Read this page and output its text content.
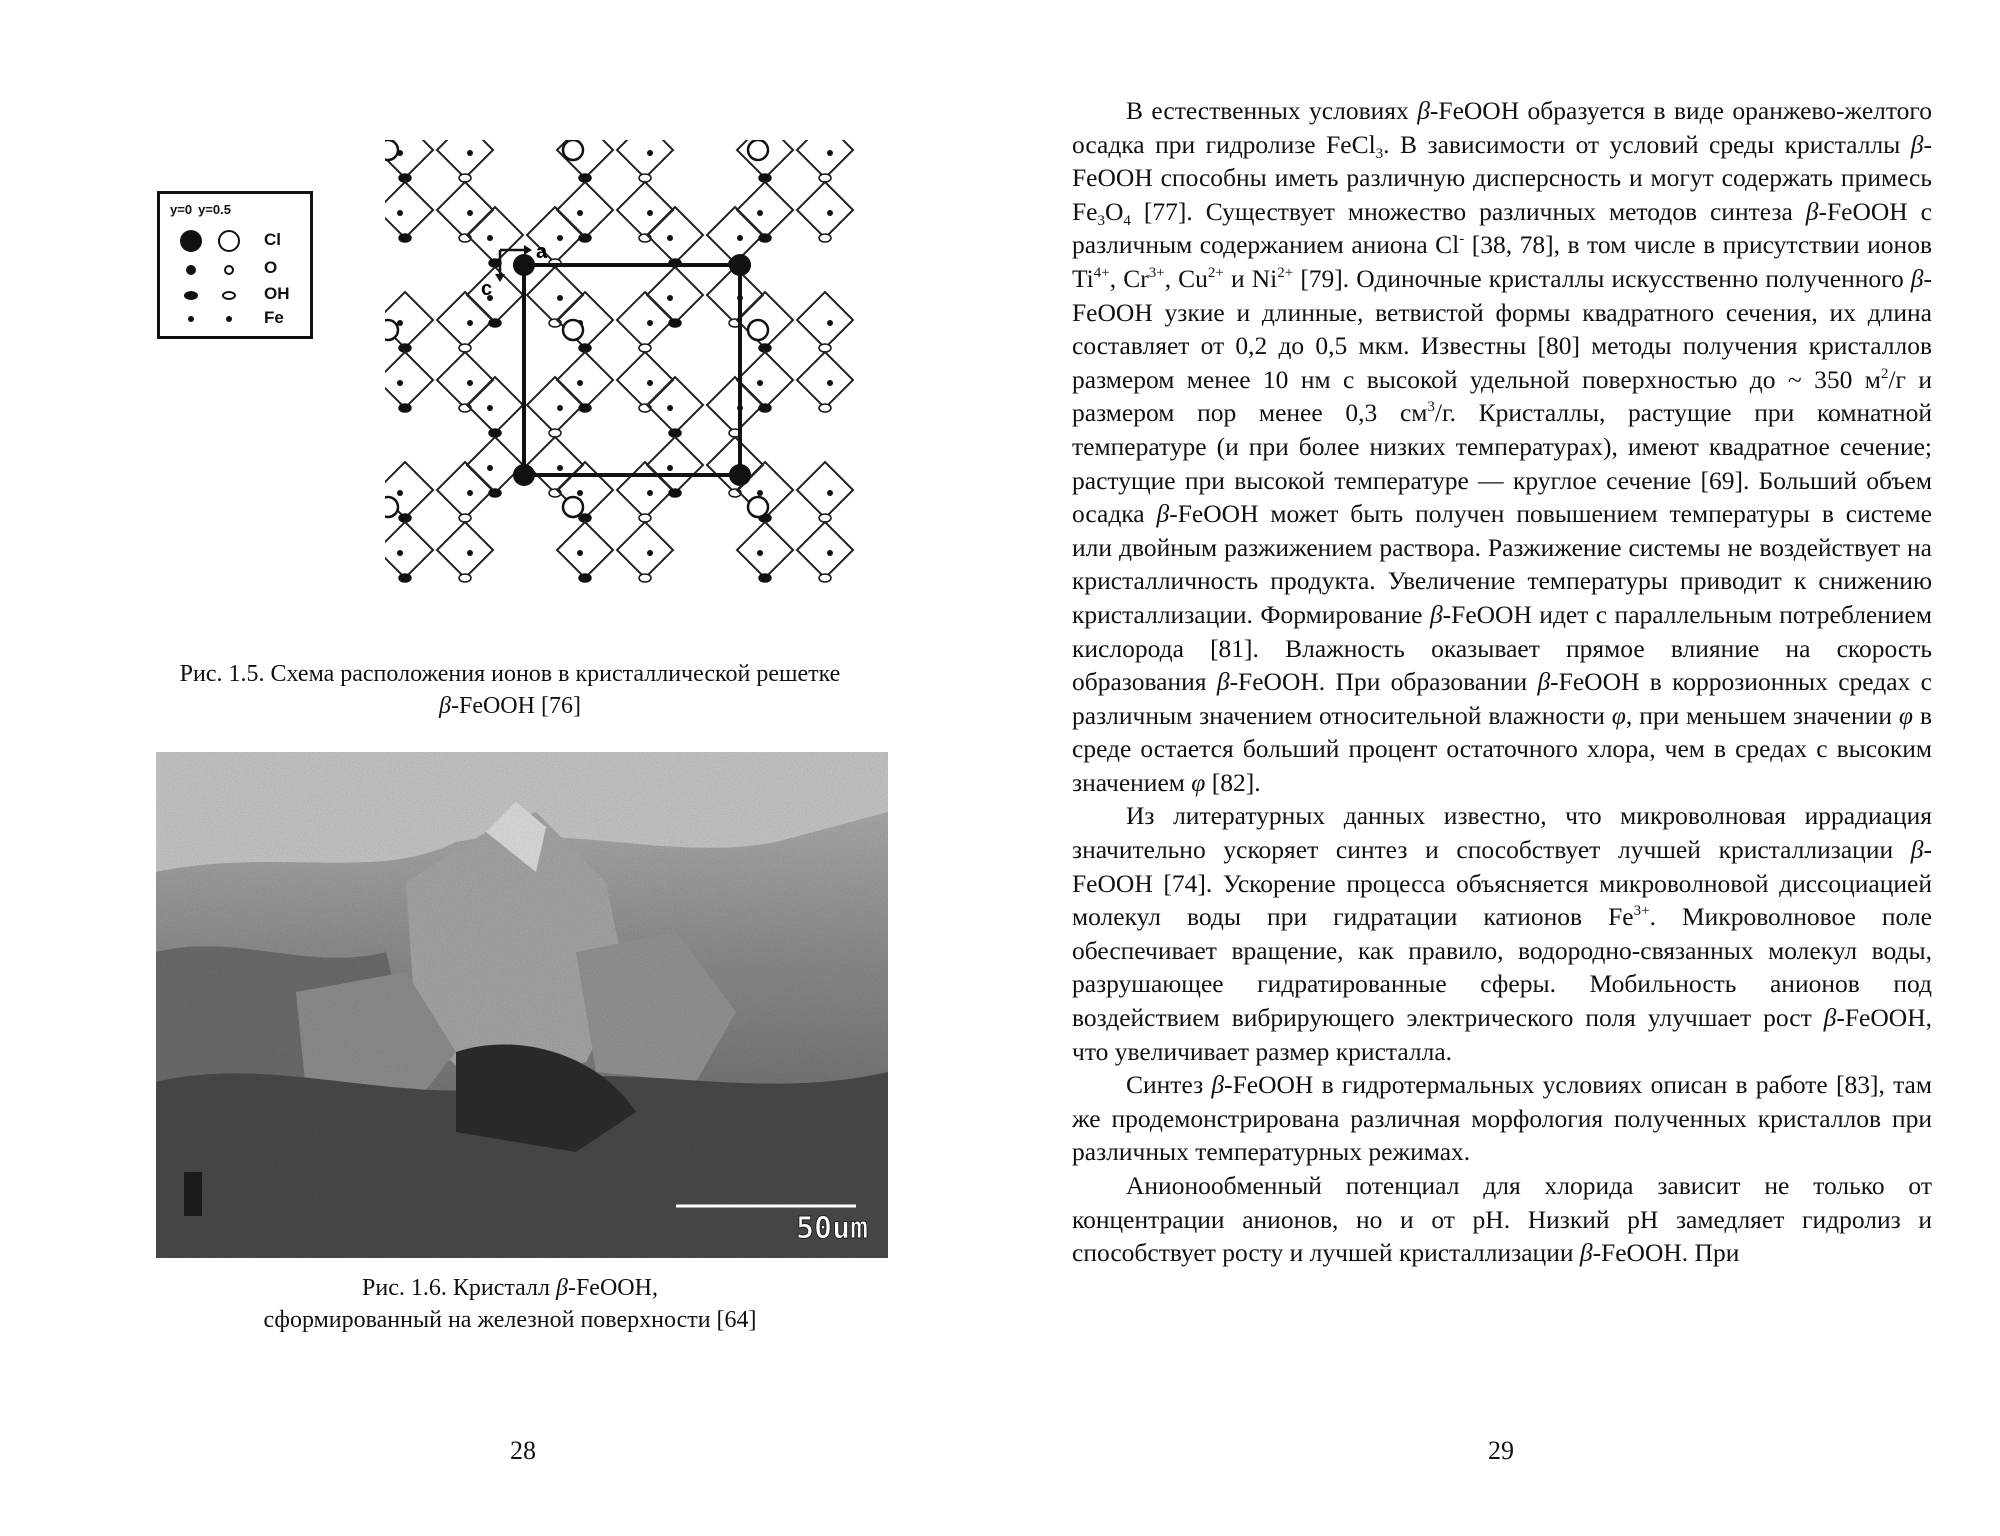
y=0 y=0.5
Cl
O
OH
Fe
a
c
Рис. 1.5. Схема расположения ионов в кристаллической решетке
β-FeOOH [76]
50um
Рис. 1.6. Кристалл β-FeOOH,
сформированный на железной поверхности [64]
28

В естественных условиях β-FeOOH образуется в виде оранжево-желтого осадка при гидролизе FeCl$_3$. В зависимости от условий среды кристаллы β-FeOOH способны иметь различную дисперсность и могут содержать примесь $Fe_3O_4$ [77]. Существует множество различных методов синтеза β-FeOOH с различным содержанием аниона Cl- [38, 78], в том числе в присутствии ионов $Ti^{4+}$, $Cr^{3+}$, $Cu^{2+}$ и $Ni^{2+}$ [79]. Одиночные кристаллы искусственно полученного β-FeOOH узкие и длинные, ветвистой формы квадратного сечения, их длина составляет от 0,2 до 0,5 мкм. Известны [80] методы получения кристаллов размером менее 10 нм с высокой удельной поверхностью до ~ 350 $м^2/г$ и размером пор менее 0,3 $см^3/г$. Кристаллы, растущие при комнатной температуре (и при более низких температурах), имеют квадратное сечение; растущие при высокой температуре — круглое сечение [69]. Больший объем осадка β-FeOOH может быть получен повышением температуры в системе или двойным разжижением раствора. Разжижение системы не воздействует на кристалличность продукта. Увеличение температуры приводит к снижению кристаллизации. Формирование β-FeOOH идет с параллельным потреблением кислорода [81]. Влажность оказывает прямое влияние на скорость образования β-FeOOH. При образовании β-FeOOH в коррозионных средах с различным значением относительной влажности φ, при меньшем значении φ в среде остается больший процент остаточного хлора, чем в средах с высоким значением φ [82].

Из литературных данных известно, что микроволновая иррадиация значительно ускоряет синтез и способствует лучшей кристаллизации β-FeOOH [74]. Ускорение процесса объясняется микроволновой диссоциацией молекул воды при гидратации катионов $Fe^{3+}$. Микроволновое поле обеспечивает вращение, как правило, водородно-связанных молекул воды, разрушающее гидратированные сферы. Мобильность анионов под воздействием вибрирующего электрического поля улучшает рост β-FeOOH, что увеличивает размер кристалла.

Синтез β-FeOOH в гидротермальных условиях описан в работе [83], там же продемонстрирована различная морфология полученных кристаллов при различных температурных режимах.

Анионообменный потенциал для хлорида зависит не только от концентрации анионов, но и от pH. Низкий pH замедляет гидролиз и способствует росту и лучшей кристаллизации β-FeOOH. При

29
